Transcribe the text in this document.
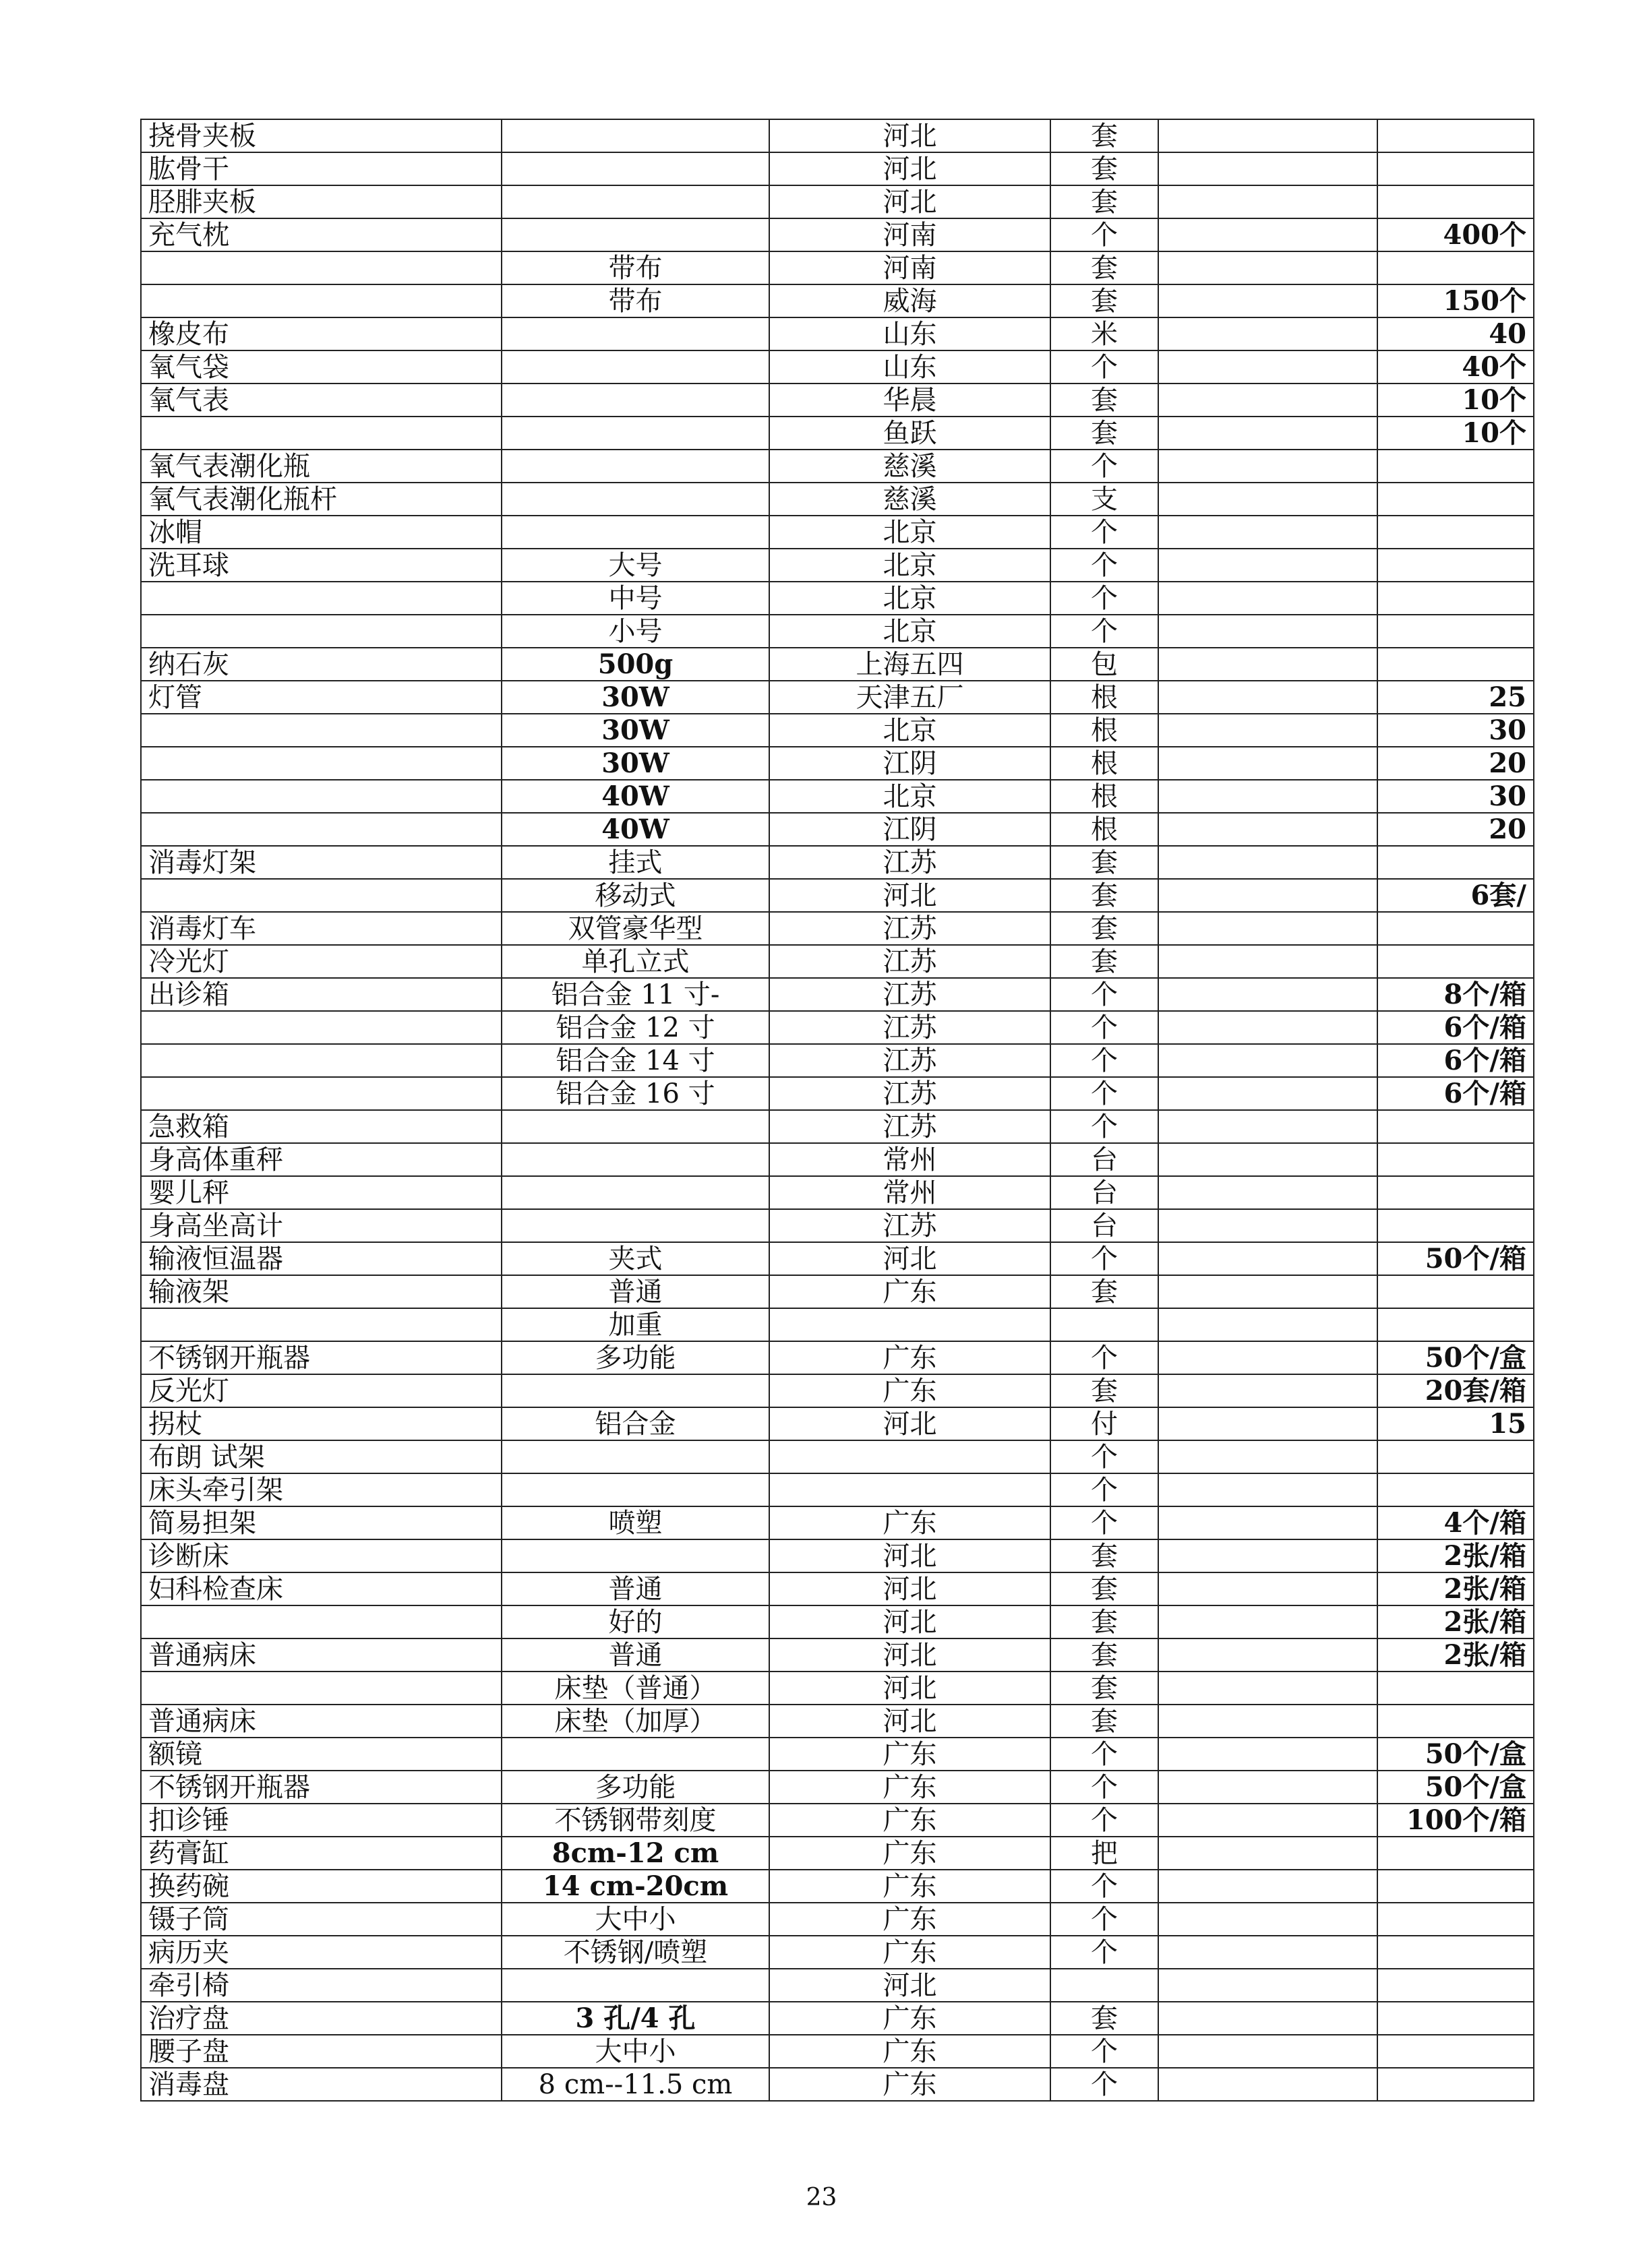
挠骨夹板		河北	套		
肱骨干		河北	套		
胫腓夹板		河北	套		
充气枕		河南	个		400个
	带布	河南	套		
	带布	威海	套		150个
橡皮布		山东	米		40
氧气袋		山东	个		40个
氧气表		华晨	套		10个
		鱼跃	套		10个
氧气表潮化瓶		慈溪	个		
氧气表潮化瓶杆		慈溪	支		
冰帽		北京	个		
洗耳球	大号	北京	个		
	中号	北京	个		
	小号	北京	个		
纳石灰	500g	上海五四	包		
灯管	30W	天津五厂	根		25
	30W	北京	根		30
	30W	江阴	根		20
	40W	北京	根		30
	40W	江阴	根		20
消毒灯架	挂式	江苏	套		
	移动式	河北	套		6套/
消毒灯车	双管豪华型	江苏	套		
冷光灯	单孔立式	江苏	套		
出诊箱	铝合金 11 寸-	江苏	个		8个/箱
	铝合金 12 寸	江苏	个		6个/箱
	铝合金 14 寸	江苏	个		6个/箱
	铝合金 16 寸	江苏	个		6个/箱
急救箱		江苏	个		
身高体重秤		常州	台		
婴儿秤		常州	台		
身高坐高计		江苏	台		
输液恒温器	夹式	河北	个		50个/箱
输液架	普通	广东	套		
	加重				
不锈钢开瓶器	多功能	广东	个		50个/盒
反光灯		广东	套		20套/箱
拐杖	铝合金	河北	付		15
布朗 试架			个		
床头牵引架			个		
简易担架	喷塑	广东	个		4个/箱
诊断床		河北	套		2张/箱
妇科检查床	普通	河北	套		2张/箱
	好的	河北	套		2张/箱
普通病床	普通	河北	套		2张/箱
	床垫（普通）	河北	套		
普通病床	床垫（加厚）	河北	套		
额镜		广东	个		50个/盒
不锈钢开瓶器	多功能	广东	个		50个/盒
扣诊锤	不锈钢带刻度	广东	个		100个/箱
药膏缸	8cm-12 cm	广东	把		
换药碗	14 cm-20cm	广东	个		
镊子筒	大中小	广东	个		
病历夹	不锈钢/喷塑	广东	个		
牵引椅		河北			
治疗盘	3 孔/4 孔	广东	套		
腰子盘	大中小	广东	个		
消毒盘	8 cm--11.5 cm	广东	个		
23
